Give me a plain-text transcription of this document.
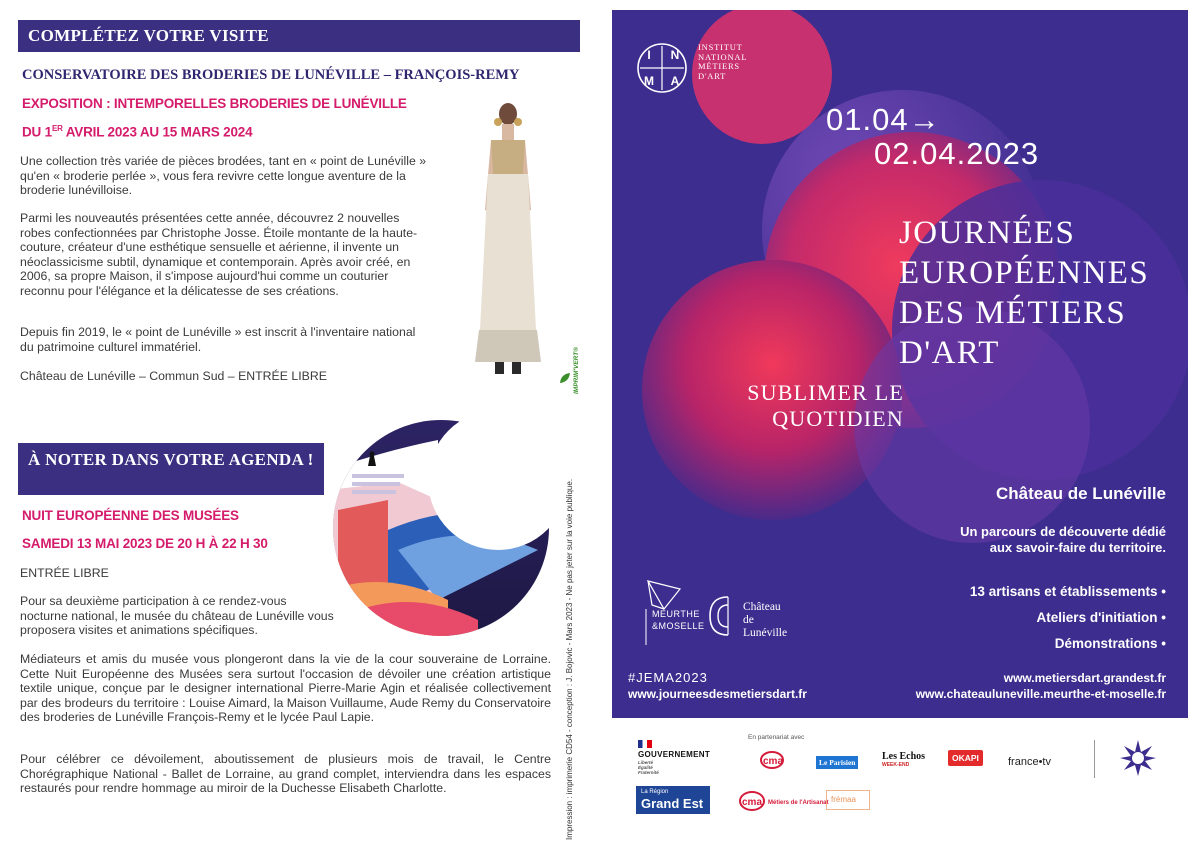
COMPLÉTEZ VOTRE VISITE
CONSERVATOIRE DES BRODERIES DE LUNÉVILLE – FRANÇOIS-REMY
EXPOSITION : INTEMPORELLES BRODERIES DE LUNÉVILLE
DU 1ER AVRIL 2023 AU 15 MARS 2024
Une collection très variée de pièces brodées, tant en « point de Lunéville » qu'en « broderie perlée », vous fera revivre cette longue aventure de la broderie lunévilloise.
Parmi les nouveautés présentées cette année, découvrez 2 nouvelles robes confectionnées par Christophe Josse. Étoile montante de la haute-couture, créateur d'une esthétique sensuelle et aérienne, il invente un néoclassicisme subtil, dynamique et contemporain. Après avoir créé, en 2006, sa propre Maison, il s'impose aujourd'hui comme un couturier reconnu pour l'élégance et la délicatesse de ses créations.
Depuis fin 2019, le « point de Lunéville » est inscrit à l'inventaire national du patrimoine culturel immatériel.
Château de Lunéville – Commun Sud – ENTRÉE LIBRE
À NOTER DANS VOTRE AGENDA !
NUIT EUROPÉENNE DES MUSÉES
SAMEDI 13 MAI 2023 DE 20 H À 22 H 30
ENTRÉE LIBRE
Pour sa deuxième participation à ce rendez-vous nocturne national, le musée du château de Lunéville vous proposera visites et animations spécifiques.
Médiateurs et amis du musée vous plongeront dans la vie de la cour souveraine de Lorraine. Cette Nuit Européenne des Musées sera surtout l'occasion de dévoiler une création artistique textile unique, conçue par le designer international Pierre-Marie Agin et réalisée collectivement par des brodeurs du territoire : Louise Aimard, la Maison Vuillaume, Aude Remy du Conservatoire des broderies de Lunéville François-Remy et le lycée Paul Lapie.
Pour célébrer ce dévoilement, aboutissement de plusieurs mois de travail, le Centre Chorégraphique National - Ballet de Lorraine, au grand complet, interviendra dans les espaces restaurés pour rendre hommage au miroir de la Duchesse Elisabeth Charlotte.
IMPRIM'VERT®
Impression : imprimerie CD54 - conception : J. Bojovic - Mars 2023 - Ne pas jeter sur la voie publique.
I	N
M	A
INSTITUT
NATIONAL
MÉTIERS
D'ART
01.04→
02.04.2023
JOURNÉES
EUROPÉENNES
DES MÉTIERS
D'ART
SUBLIMER LE
QUOTIDIEN
Château de Lunéville
Un parcours de découverte dédié
aux savoir-faire du territoire.
13 artisans et établissements •
Ateliers d'initiation •
Démonstrations •
MEURTHE
&MOSELLE
Château
de
Lunéville
#JEMA2023
www.journeesdesmetiersdart.fr
www.metiersdart.grandest.fr
www.chateauluneville.meurthe-et-moselle.fr
En partenariat avec
GOUVERNEMENT
Liberté
Égalité
Fraternité
cma	Le Parisien
Les Echos
WEEK-END
OKAPI	france•tv
La Région
Grand Est	cma Métiers de l'Artisanat frémaa
